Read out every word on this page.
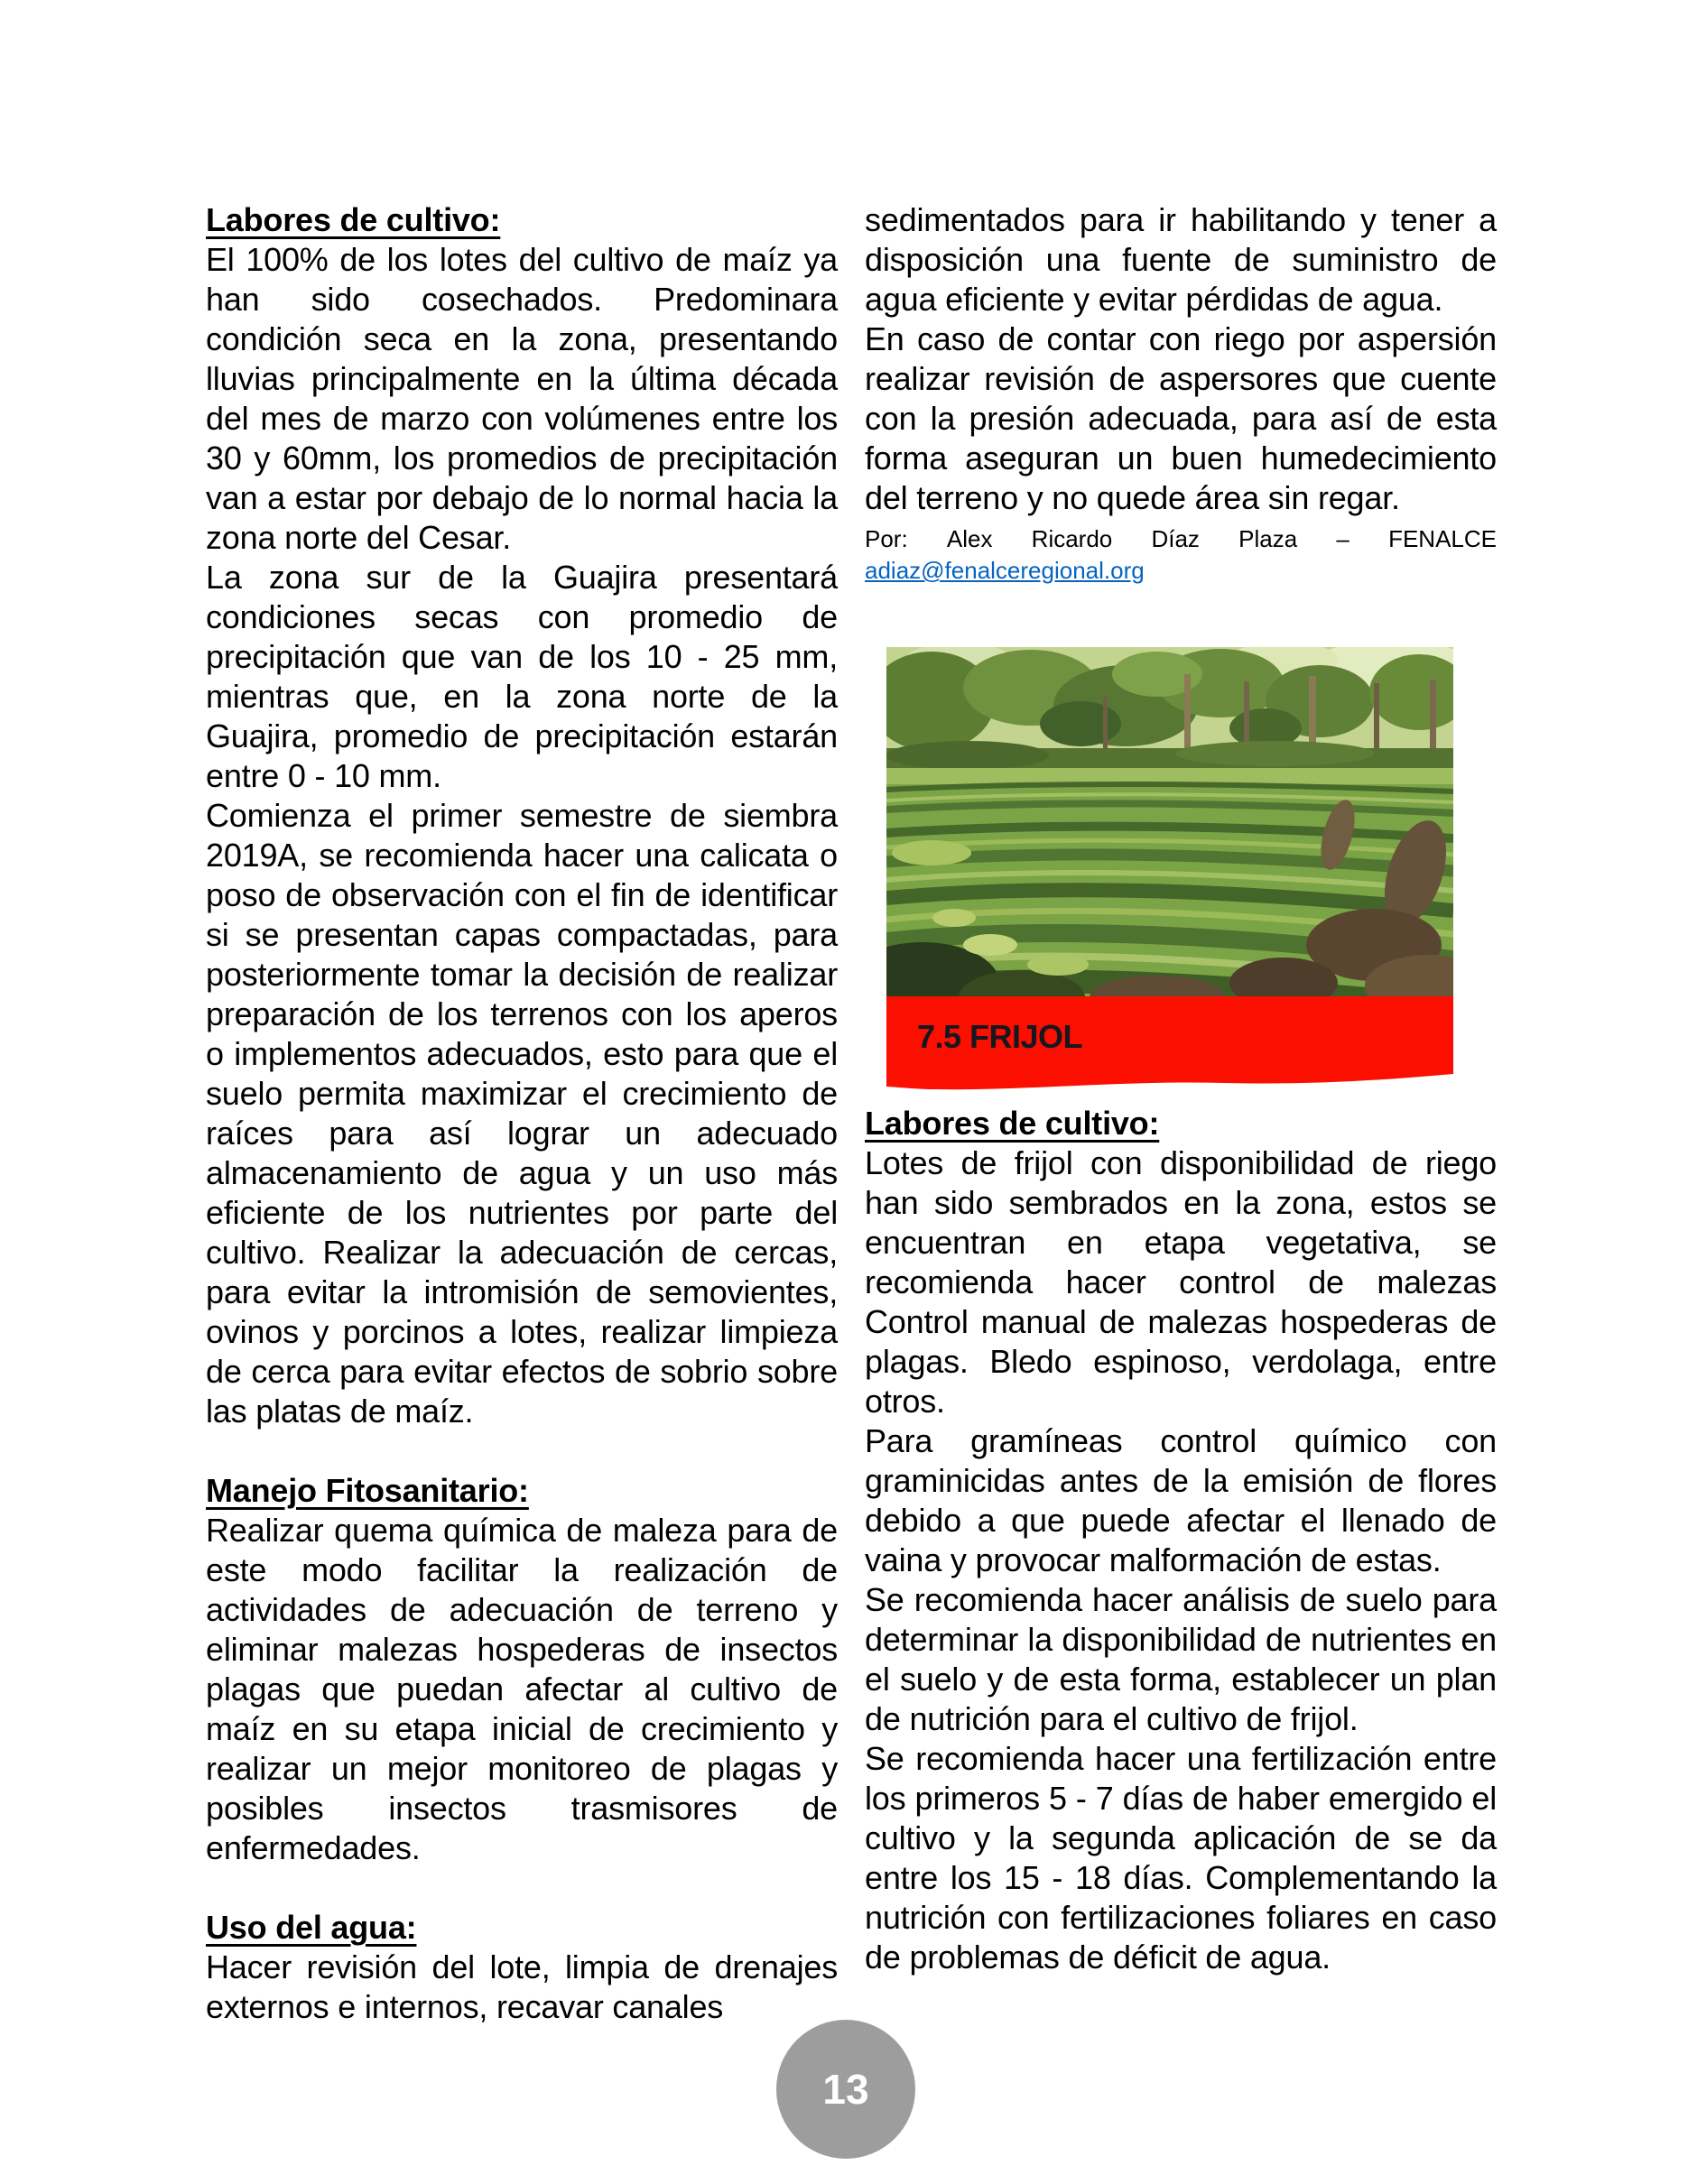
Labores de cultivo:

El 100% de los lotes del cultivo de maíz ya han sido cosechados. Predominara condición seca en la zona, presentando lluvias principalmente en la última década del mes de marzo con volúmenes entre los 30 y 60mm, los promedios de precipitación van a estar por debajo de lo normal hacia la zona norte del Cesar.

La zona sur de la Guajira presentará condiciones secas con promedio de precipitación que van de los 10 - 25 mm, mientras que, en la zona norte de la Guajira, promedio de precipitación estarán entre 0 - 10 mm.

Comienza el primer semestre de siembra 2019A, se recomienda hacer una calicata o poso de observación con el fin de identificar si se presentan capas compactadas, para posteriormente tomar la decisión de realizar preparación de los terrenos con los aperos o implementos adecuados, esto para que el suelo permita maximizar el crecimiento de raíces para así lograr un adecuado almacenamiento de agua y un uso más eficiente de los nutrientes por parte del cultivo. Realizar la adecuación de cercas, para evitar la intromisión de semovientes, ovinos y porcinos a lotes, realizar limpieza de cerca para evitar efectos de sobrio sobre las platas de maíz.

Manejo Fitosanitario:

Realizar quema química de maleza para de este modo facilitar la realización de actividades de adecuación de terreno y eliminar malezas hospederas de insectos plagas que puedan afectar al cultivo de maíz en su etapa inicial de crecimiento y realizar un mejor monitoreo de plagas y posibles insectos trasmisores de enfermedades.

Uso del agua:

Hacer revisión del lote, limpia de drenajes externos e internos, recavar canales

sedimentados para ir habilitando y tener a disposición una fuente de suministro de agua eficiente y evitar pérdidas de agua.

En caso de contar con riego por aspersión realizar revisión de aspersores que cuente con la presión adecuada, para así de esta forma aseguran un buen humedecimiento del terreno y no quede área sin regar.

Por: Alex Ricardo Díaz Plaza – FENALCE
adiaz@fenalceregional.org
7.5 FRIJOL
Labores de cultivo:

Lotes de frijol con disponibilidad de riego han sido sembrados en la zona, estos se encuentran en etapa vegetativa, se recomienda hacer control de malezas Control manual de malezas hospederas de plagas. Bledo espinoso, verdolaga, entre otros.

Para gramíneas control químico con graminicidas antes de la emisión de flores debido a que puede afectar el llenado de vaina y provocar malformación de estas.

Se recomienda hacer análisis de suelo para determinar la disponibilidad de nutrientes en el suelo y de esta forma, establecer un plan de nutrición para el cultivo de frijol.

Se recomienda hacer una fertilización entre los primeros 5 - 7 días de haber emergido el cultivo y la segunda aplicación de se da entre los 15 - 18 días. Complementando la nutrición con fertilizaciones foliares en caso de problemas de déficit de agua.

13
